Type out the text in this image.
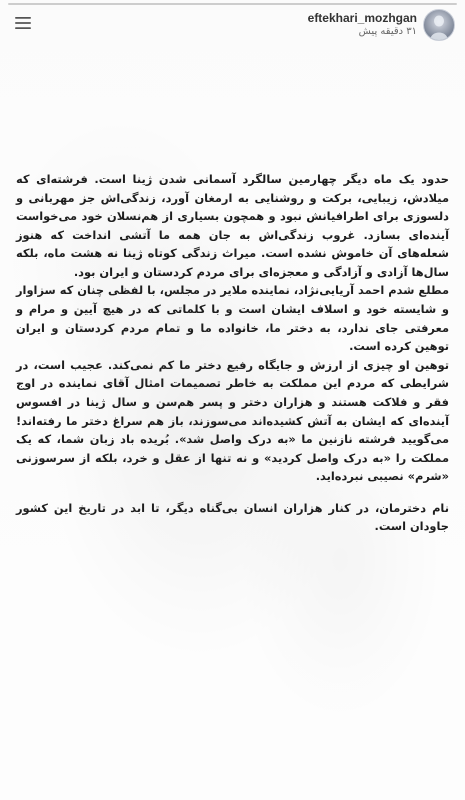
eftekhari_mozhgan
۳۱ دقیقه پیش

حدود یک ماه دیگر چهارمین سالگرد آسمانی شدن ژینا است. فرشته‌ای که میلادش، زیبایی، برکت و روشنایی به ارمغان آورد، زندگی‌اش جز مهربانی و دلسوزی برای اطرافیانش نبود و همچون بسیاری از هم‌نسلان خود می‌خواست آینده‌ای بسازد. غروب زندگی‌اش به جان همه ما آتشی انداخت که هنوز شعله‌های آن خاموش نشده است. میراث زندگی کوتاه ژینا نه هشت ماه، بلکه سال‌ها آزادی و آزادگی و معجزه‌ای برای مردم کردستان و ایران بود.

مطلع شدم احمد آریایی‌نژاد، نماینده ملایر در مجلس، با لفظی چنان که سزاوار و شایسته خود و اسلاف ایشان است و با کلماتی که در هیچ آیین و مرام و معرفتی جای ندارد، به دختر ما، خانواده ما و تمام مردم کردستان و ایران توهین کرده است.

توهین او چیزی از ارزش و جایگاه رفیع دختر ما کم نمی‌کند. عجیب است، در شرایطی که مردم این مملکت به خاطر تصمیمات امثال آقای نماینده در اوج فقر و فلاکت هستند و هزاران دختر و پسر هم‌سن و سال ژینا در افسوس آینده‌ای که ایشان به آتش کشیده‌اند می‌سوزند، باز هم سراغ دختر ما رفته‌اند! می‌گویید فرشته نازنین ما «به درک واصل شد». بُریده باد زبان شما، که یک مملکت را «به درک واصل کردید» و نه تنها از عقل و خرد، بلکه از سرسوزنی «شرم» نصیبی نبرده‌اید.

نام دخترمان، در کنار هزاران انسان بی‌گناه دیگر، تا ابد در تاریخ این کشور جاودان است.
